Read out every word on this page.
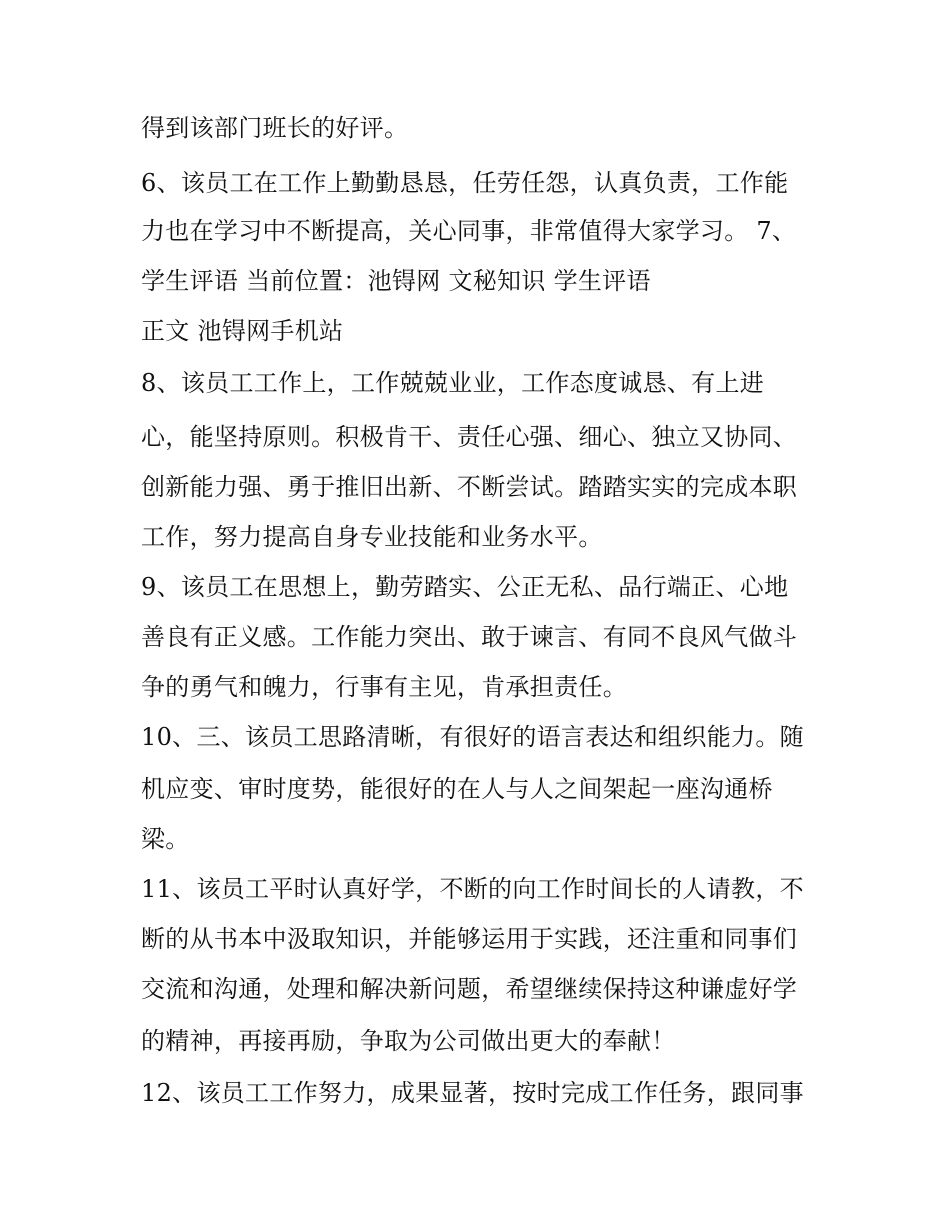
得到该部门班长的好评。
6、该员工在工作上勤勤恳恳，任劳任怨，认真负责，工作能
力也在学习中不断提高，关心同事，非常值得大家学习。 7、
学生评语 当前位置：池锝网 文秘知识 学生评语
正文 池锝网手机站
8、该员工工作上，工作兢兢业业，工作态度诚恳、有上进
心，能坚持原则。积极肯干、责任心强、细心、独立又协同、
创新能力强、勇于推旧出新、不断尝试。踏踏实实的完成本职
工作，努力提高自身专业技能和业务水平。
9、该员工在思想上，勤劳踏实、公正无私、品行端正、心地
善良有正义感。工作能力突出、敢于谏言、有同不良风气做斗
争的勇气和魄力，行事有主见，肯承担责任。
10、三、该员工思路清晰，有很好的语言表达和组织能力。随
机应变、审时度势，能很好的在人与人之间架起一座沟通桥
梁。
11、该员工平时认真好学，不断的向工作时间长的人请教，不
断的从书本中汲取知识，并能够运用于实践，还注重和同事们
交流和沟通，处理和解决新问题，希望继续保持这种谦虚好学
的精神，再接再励，争取为公司做出更大的奉献！
12、该员工工作努力，成果显著，按时完成工作任务，跟同事
